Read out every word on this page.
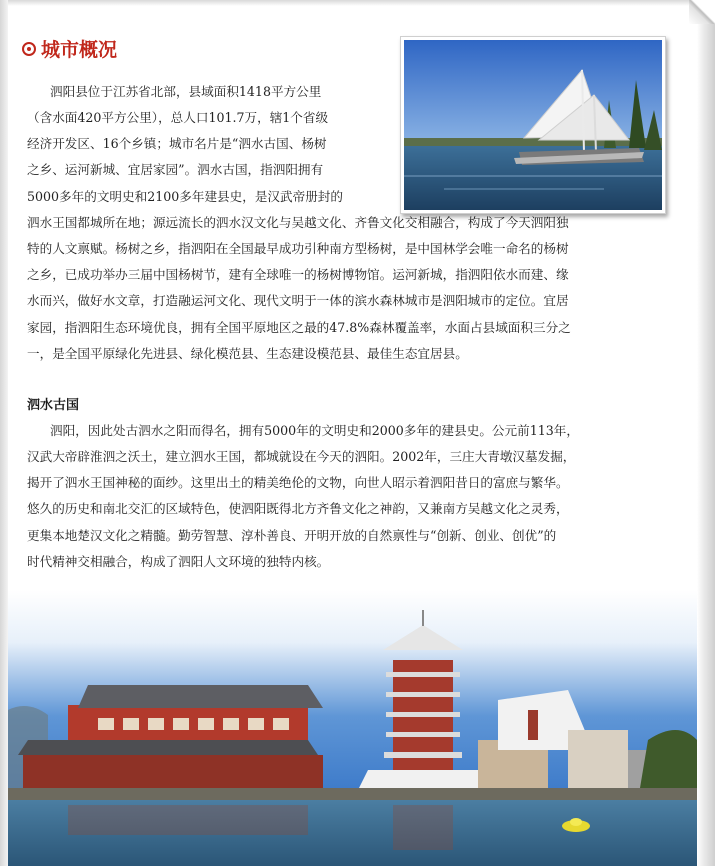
城市概况
泗阳县位于江苏省北部，县域面积1418平方公里
（含水面420平方公里），总人口101.7万，辖1个省级
经济开发区、16个乡镇；城市名片是“泗水古国、杨树
之乡、运河新城、宜居家园”。泗水古国，指泗阳拥有
5000多年的文明史和2100多年建县史，是汉武帝册封的
泗水王国都城所在地；源远流长的泗水汉文化与吴越文化、齐鲁文化交相融合，构成了今天泗阳独
特的人文禀赋。杨树之乡，指泗阳在全国最早成功引种南方型杨树，是中国林学会唯一命名的杨树
之乡，已成功举办三届中国杨树节，建有全球唯一的杨树博物馆。运河新城，指泗阳依水而建、缘
水而兴，做好水文章，打造融运河文化、现代文明于一体的滨水森林城市是泗阳城市的定位。宜居
家园，指泗阳生态环境优良，拥有全国平原地区之最的47.8%森林覆盖率，水面占县域面积三分之
一，是全国平原绿化先进县、绿化模范县、生态建设模范县、最佳生态宜居县。
泗水古国
泗阳，因此处古泗水之阳而得名，拥有5000年的文明史和2000多年的建县史。公元前113年，
汉武大帝辟淮泗之沃土，建立泗水王国，都城就设在今天的泗阳。2002年，三庄大青墩汉墓发掘，
揭开了泗水王国神秘的面纱。这里出土的精美绝伦的文物，向世人昭示着泗阳昔日的富庶与繁华。
悠久的历史和南北交汇的区域特色，使泗阳既得北方齐鲁文化之神韵，又兼南方吴越文化之灵秀，
更集本地楚汉文化之精髓。勤劳智慧、淳朴善良、开明开放的自然禀性与“创新、创业、创优”的
时代精神交相融合，构成了泗阳人文环境的独特内核。
